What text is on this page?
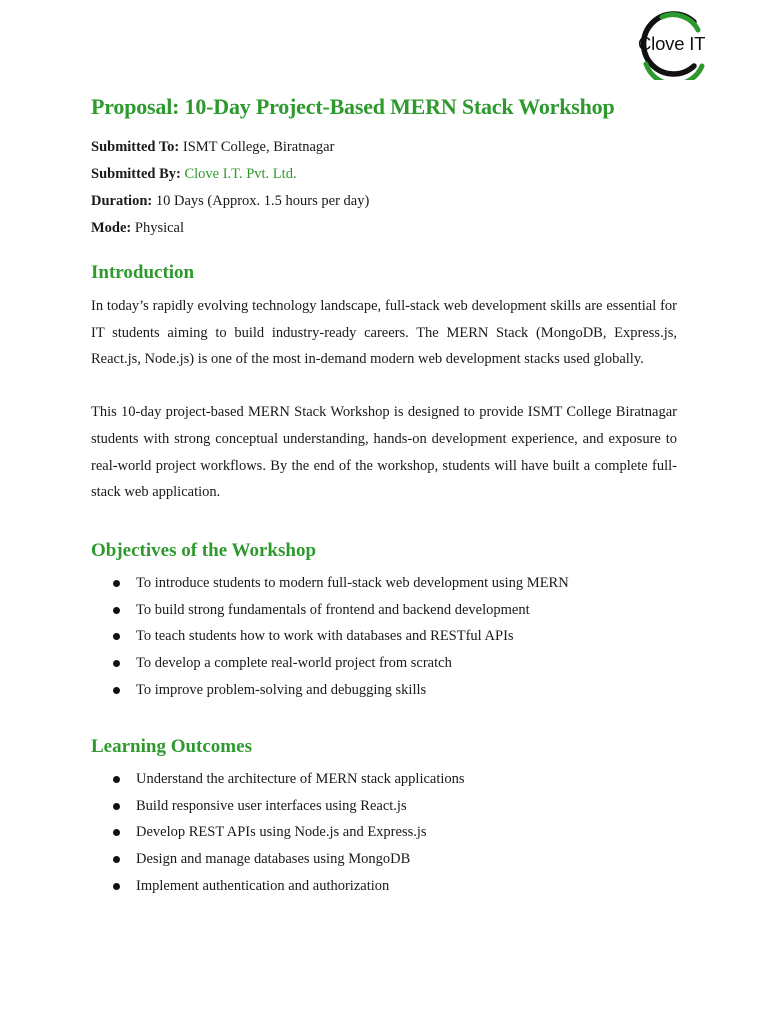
Clove IT
Proposal: 10-Day Project-Based MERN Stack Workshop

Submitted To: ISMT College, Biratnagar

Submitted By: Clove I.T. Pvt. Ltd.

Duration: 10 Days (Approx. 1.5 hours per day)

Mode: Physical

Introduction

In today’s rapidly evolving technology landscape, full-stack web development skills are essential for IT students aiming to build industry-ready careers. The MERN Stack (MongoDB, Express.js, React.js, Node.js) is one of the most in-demand modern web development stacks used globally.

This 10-day project-based MERN Stack Workshop is designed to provide ISMT College Biratnagar students with strong conceptual understanding, hands-on development experience, and exposure to real-world project workflows. By the end of the workshop, students will have built a complete full-stack web application.

Objectives of the Workshop
To introduce students to modern full-stack web development using MERN
To build strong fundamentals of frontend and backend development
To teach students how to work with databases and RESTful APIs
To develop a complete real-world project from scratch
To improve problem-solving and debugging skills
Learning Outcomes
Understand the architecture of MERN stack applications
Build responsive user interfaces using React.js
Develop REST APIs using Node.js and Express.js
Design and manage databases using MongoDB
Implement authentication and authorization
